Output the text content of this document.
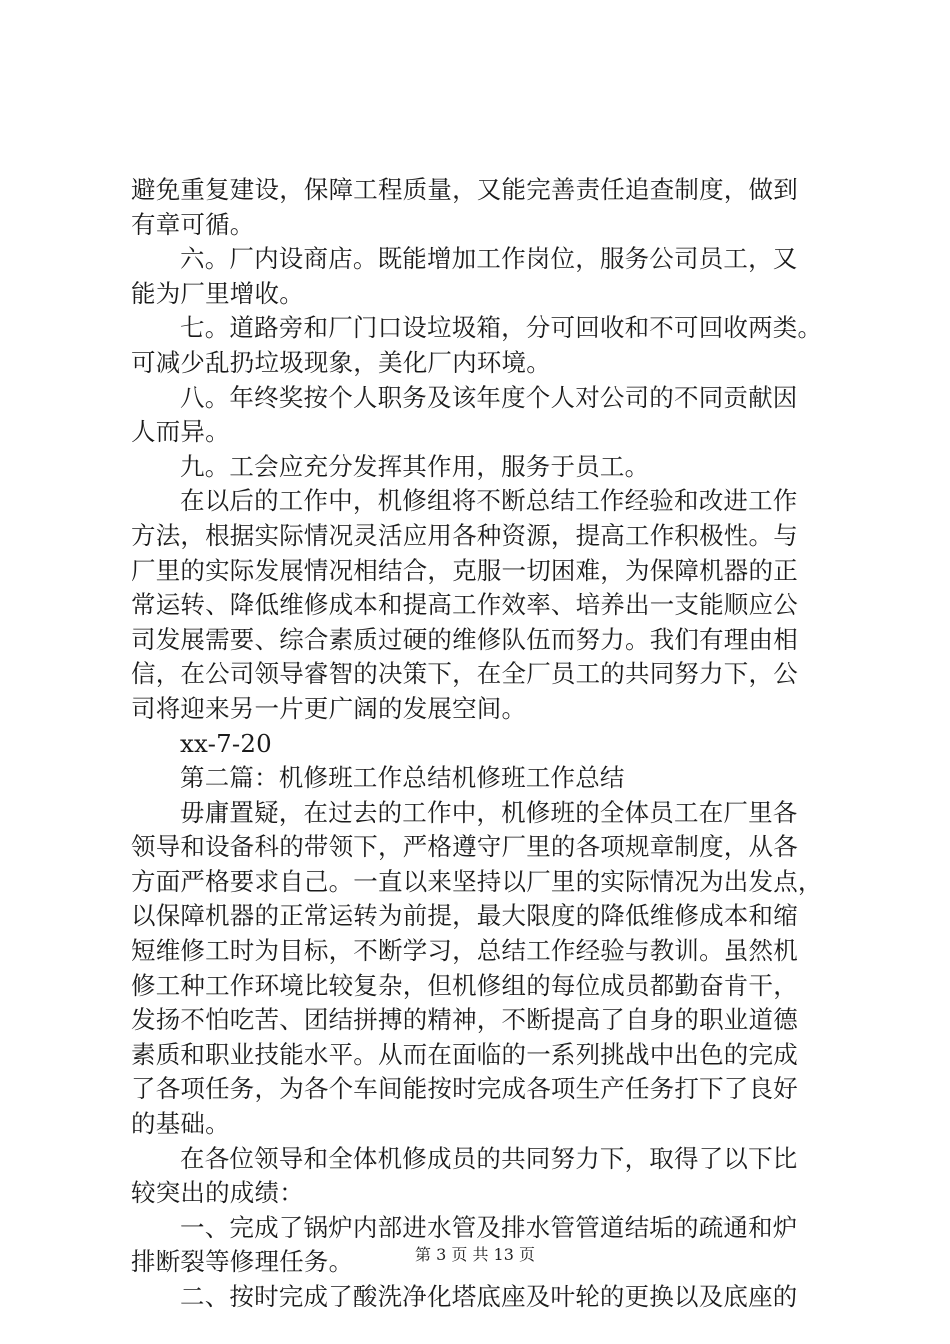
避免重复建设，保障工程质量，又能完善责任追查制度，做到
有章可循。
六。厂内设商店。既能增加工作岗位，服务公司员工，又
能为厂里增收。
七。道路旁和厂门口设垃圾箱，分可回收和不可回收两类。
可减少乱扔垃圾现象，美化厂内环境。
八。年终奖按个人职务及该年度个人对公司的不同贡献因
人而异。
九。工会应充分发挥其作用，服务于员工。
在以后的工作中，机修组将不断总结工作经验和改进工作
方法，根据实际情况灵活应用各种资源，提高工作积极性。与
厂里的实际发展情况相结合，克服一切困难，为保障机器的正
常运转、降低维修成本和提高工作效率、培养出一支能顺应公
司发展需要、综合素质过硬的维修队伍而努力。我们有理由相
信，在公司领导睿智的决策下，在全厂员工的共同努力下，公
司将迎来另一片更广阔的发展空间。
xx-7-20
第二篇：机修班工作总结机修班工作总结
毋庸置疑，在过去的工作中，机修班的全体员工在厂里各
领导和设备科的带领下，严格遵守厂里的各项规章制度，从各
方面严格要求自己。一直以来坚持以厂里的实际情况为出发点，
以保障机器的正常运转为前提，最大限度的降低维修成本和缩
短维修工时为目标，不断学习，总结工作经验与教训。虽然机
修工种工作环境比较复杂，但机修组的每位成员都勤奋肯干，
发扬不怕吃苦、团结拼搏的精神，不断提高了自身的职业道德
素质和职业技能水平。从而在面临的一系列挑战中出色的完成
了各项任务，为各个车间能按时完成各项生产任务打下了良好
的基础。
在各位领导和全体机修成员的共同努力下，取得了以下比
较突出的成绩：
一、完成了锅炉内部进水管及排水管管道结垢的疏通和炉
排断裂等修理任务。
二、按时完成了酸洗净化塔底座及叶轮的更换以及底座的
第 3 页 共 13 页
